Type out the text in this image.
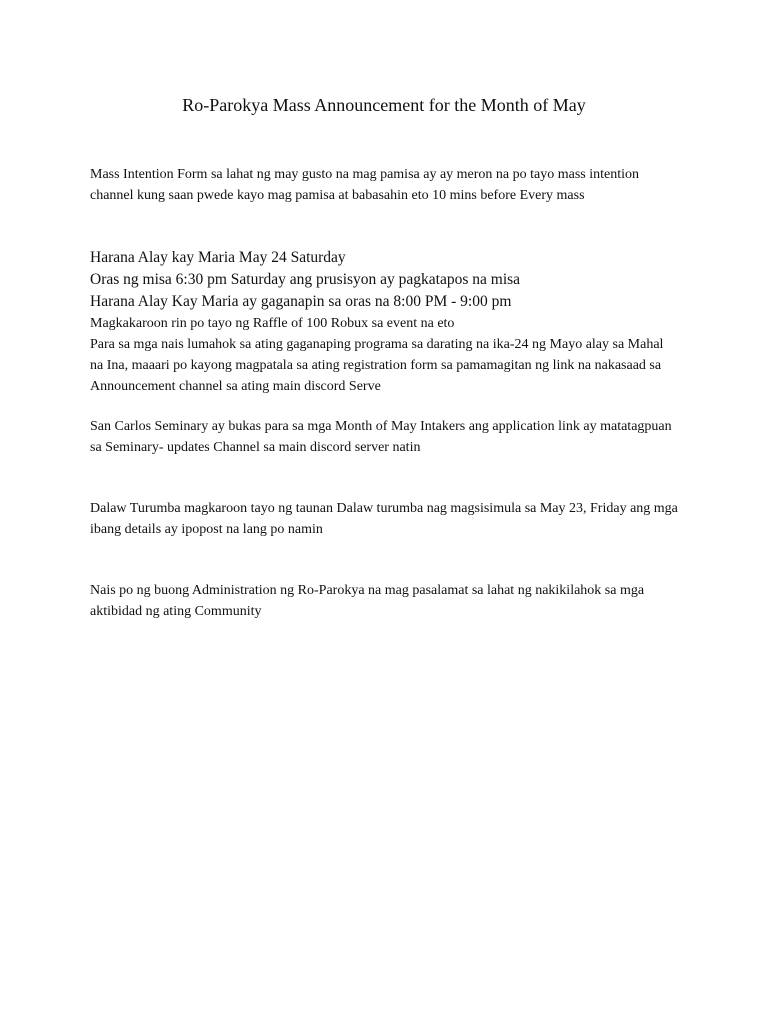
Ro-Parokya Mass Announcement for the Month of May

Mass Intention Form sa lahat ng may gusto na mag pamisa ay ay meron na po tayo mass intention channel kung saan pwede kayo mag pamisa at babasahin eto 10 mins before Every mass

Harana Alay kay Maria May 24 Saturday

Oras ng misa 6:30 pm Saturday ang prusisyon ay pagkatapos na misa

Harana Alay Kay Maria ay gaganapin sa oras na 8:00 PM - 9:00 pm

Magkakaroon rin po tayo ng Raffle of 100 Robux sa event na eto

Para sa mga nais lumahok sa ating gaganaping programa sa darating na ika-24 ng Mayo alay sa Mahal na Ina, maaari po kayong magpatala sa ating registration form sa pamamagitan ng link na nakasaad sa Announcement channel sa ating main discord Serve

San Carlos Seminary ay bukas para sa mga Month of May Intakers ang application link ay matatagpuan sa Seminary- updates Channel sa main discord server natin

Dalaw Turumba magkaroon tayo ng taunan Dalaw turumba nag magsisimula sa May 23, Friday ang mga ibang details ay ipopost na lang po namin

Nais po ng buong Administration ng Ro-Parokya na mag pasalamat sa lahat ng nakikilahok sa mga aktibidad ng ating Community
